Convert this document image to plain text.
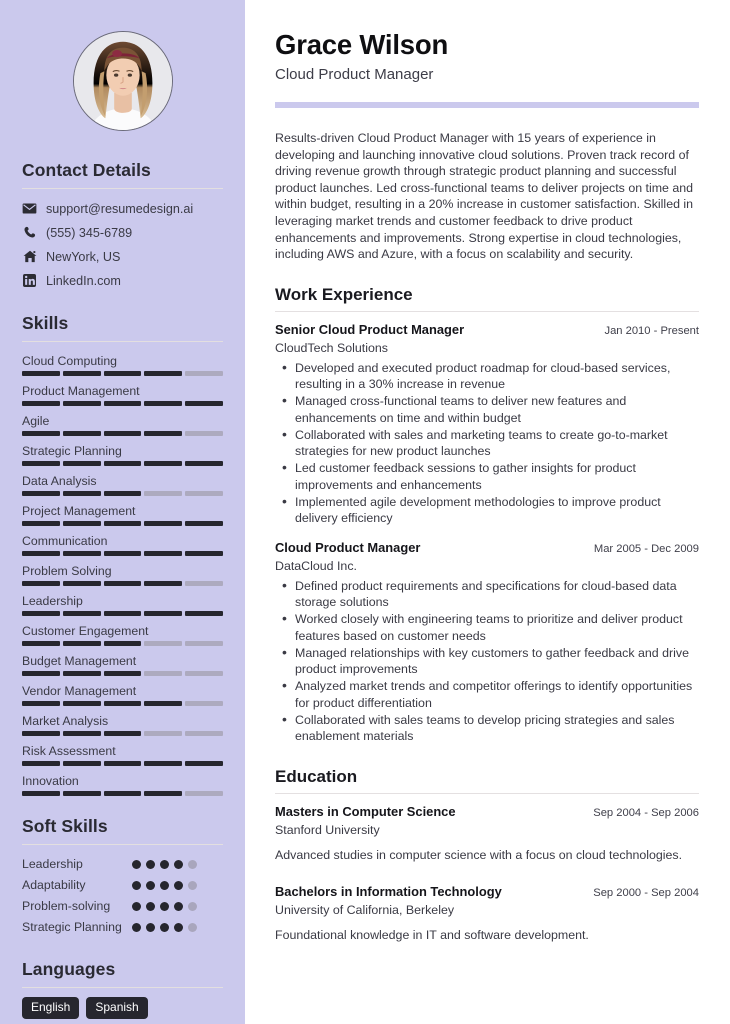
Contact Details
support@resumedesign.ai
(555) 345-6789
NewYork, US
LinkedIn.com
Skills
Cloud Computing
Product Management
Agile
Strategic Planning
Data Analysis
Project Management
Communication
Problem Solving
Leadership
Customer Engagement
Budget Management
Vendor Management
Market Analysis
Risk Assessment
Innovation
Soft Skills
Leadership
Adaptability
Problem-solving
Strategic Planning
Languages
English	Spanish
Grace Wilson
Cloud Product Manager

Results-driven Cloud Product Manager with 15 years of experience in developing and launching innovative cloud solutions. Proven track record of driving revenue growth through strategic product planning and successful product launches. Led cross-functional teams to deliver projects on time and within budget, resulting in a 20% increase in customer satisfaction. Skilled in leveraging market trends and customer feedback to drive product enhancements and improvements. Strong expertise in cloud technologies, including AWS and Azure, with a focus on scalability and security.

Work Experience
Senior Cloud Product Manager	Jan 2010 - Present
CloudTech Solutions
• Developed and executed product roadmap for cloud-based services, resulting in a 30% increase in revenue
• Managed cross-functional teams to deliver new features and enhancements on time and within budget
• Collaborated with sales and marketing teams to create go-to-market strategies for new product launches
• Led customer feedback sessions to gather insights for product improvements and enhancements
• Implemented agile development methodologies to improve product delivery efficiency
Cloud Product Manager	Mar 2005 - Dec 2009
DataCloud Inc.
• Defined product requirements and specifications for cloud-based data storage solutions
• Worked closely with engineering teams to prioritize and deliver product features based on customer needs
• Managed relationships with key customers to gather feedback and drive product improvements
• Analyzed market trends and competitor offerings to identify opportunities for product differentiation
• Collaborated with sales teams to develop pricing strategies and sales enablement materials
Education
Masters in Computer Science	Sep 2004 - Sep 2006
Stanford University
Advanced studies in computer science with a focus on cloud technologies.
Bachelors in Information Technology	Sep 2000 - Sep 2004
University of California, Berkeley
Foundational knowledge in IT and software development.
